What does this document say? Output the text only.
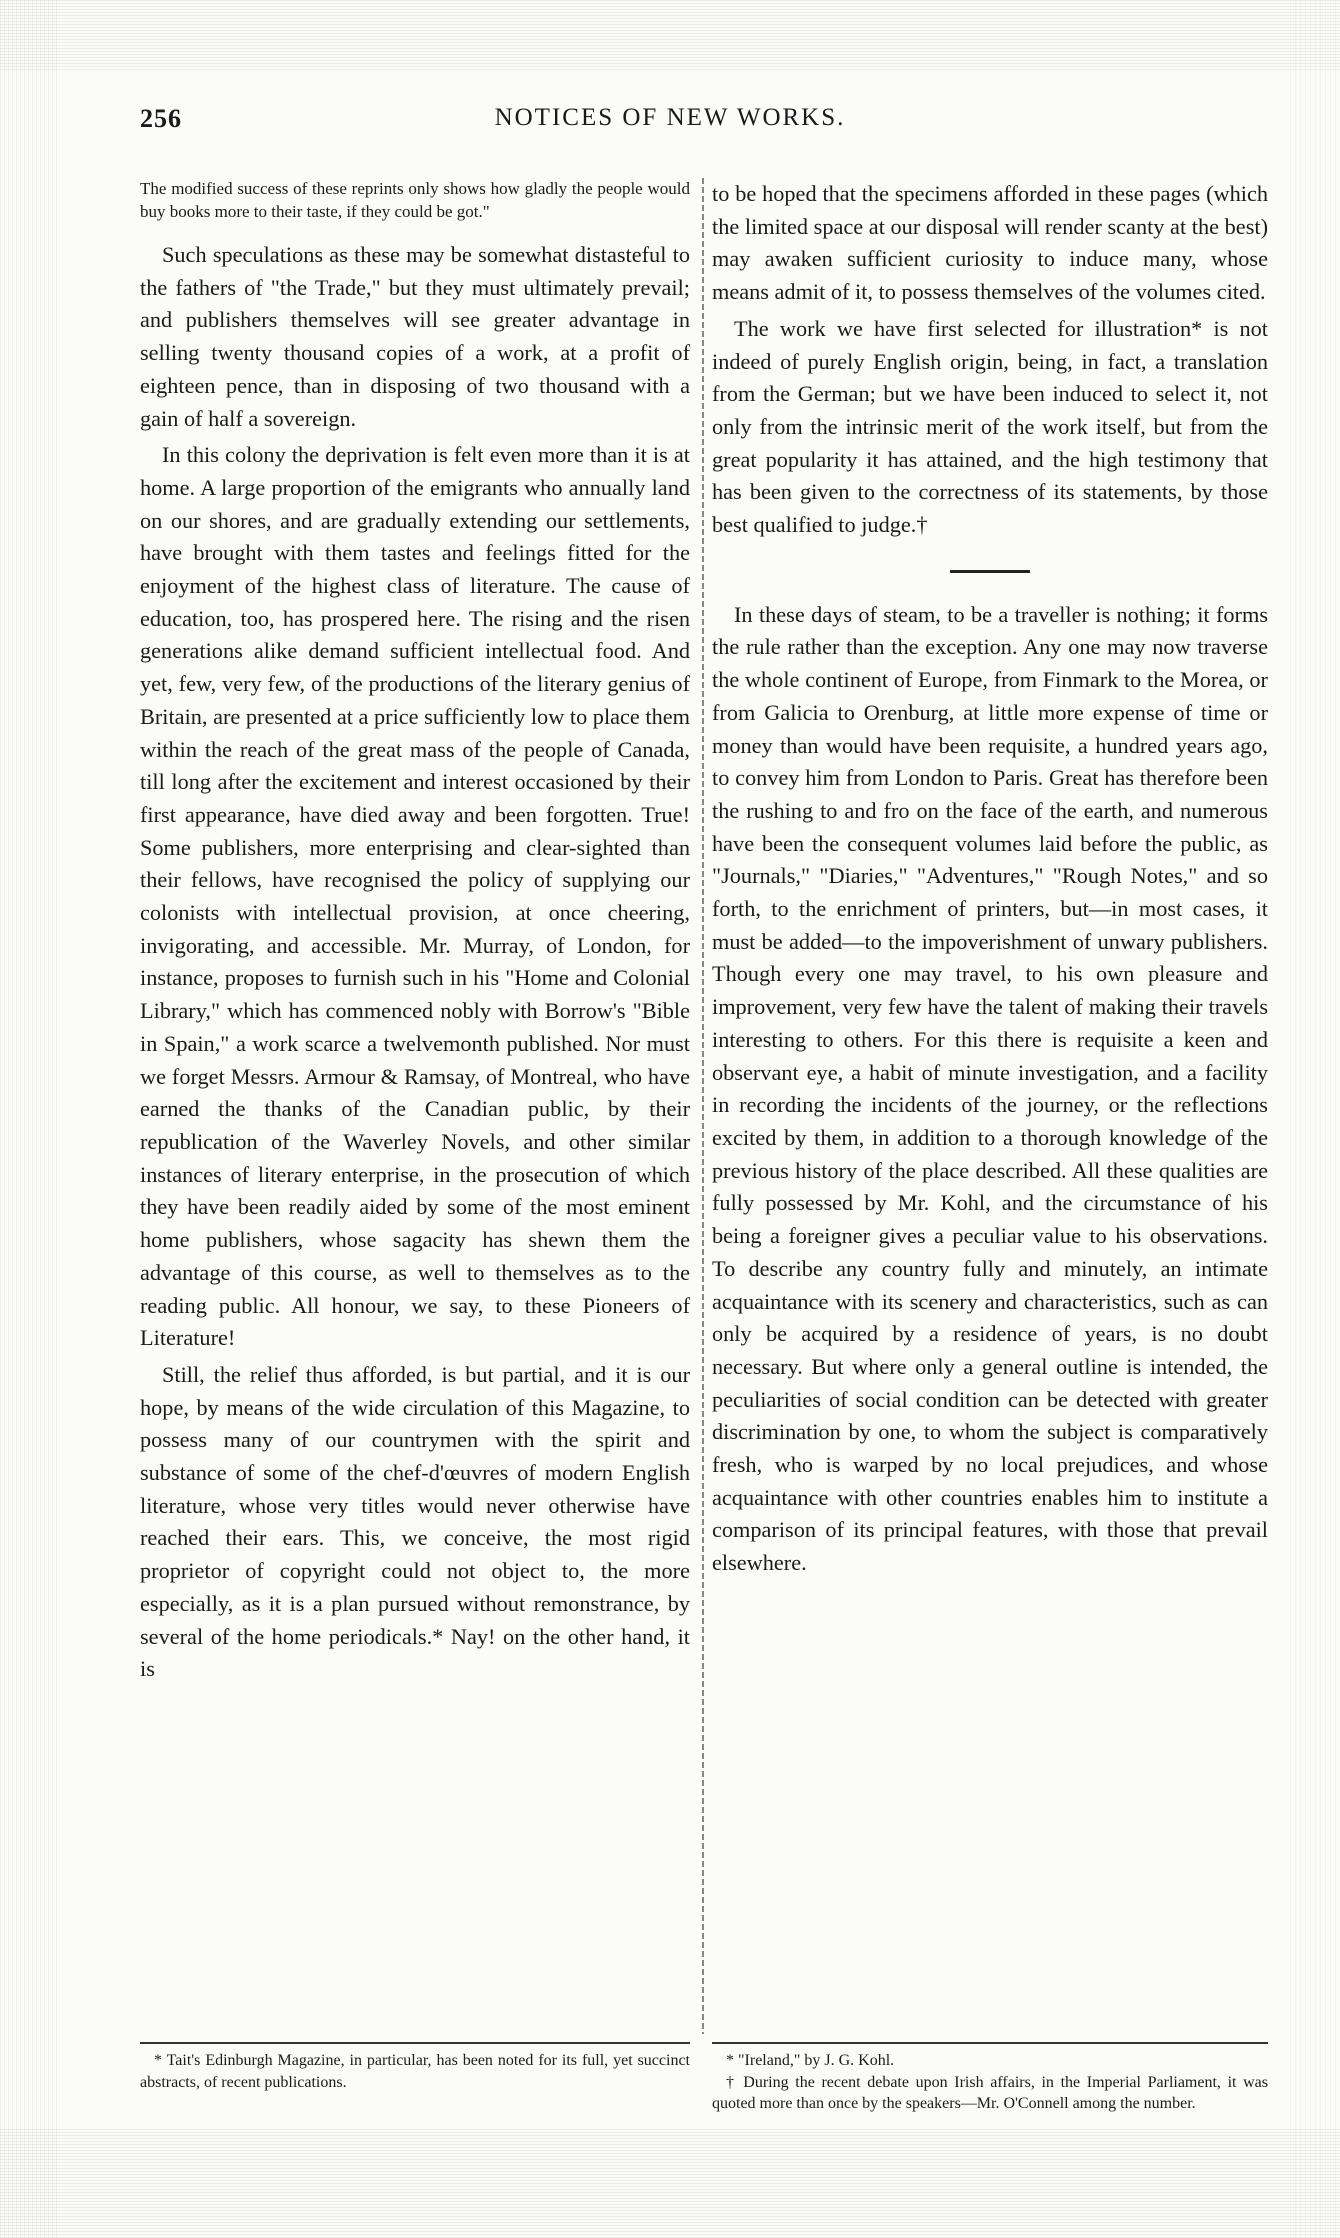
256	NOTICES OF NEW WORKS.

The modified success of these reprints only shows how gladly the people would buy books more to their taste, if they could be got."

Such speculations as these may be somewhat distasteful to the fathers of "the Trade," but they must ultimately prevail; and publishers themselves will see greater advantage in selling twenty thousand copies of a work, at a profit of eighteen pence, than in disposing of two thousand with a gain of half a sovereign.

In this colony the deprivation is felt even more than it is at home. A large proportion of the emigrants who annually land on our shores, and are gradually extending our settlements, have brought with them tastes and feelings fitted for the enjoyment of the highest class of literature. The cause of education, too, has prospered here. The rising and the risen generations alike demand sufficient intellectual food. And yet, few, very few, of the productions of the literary genius of Britain, are presented at a price sufficiently low to place them within the reach of the great mass of the people of Canada, till long after the excitement and interest occasioned by their first appearance, have died away and been forgotten. True! Some publishers, more enterprising and clear-sighted than their fellows, have recognised the policy of supplying our colonists with intellectual provision, at once cheering, invigorating, and accessible. Mr. Murray, of London, for instance, proposes to furnish such in his "Home and Colonial Library," which has commenced nobly with Borrow's "Bible in Spain," a work scarce a twelvemonth published. Nor must we forget Messrs. Armour & Ramsay, of Montreal, who have earned the thanks of the Canadian public, by their republication of the Waverley Novels, and other similar instances of literary enterprise, in the prosecution of which they have been readily aided by some of the most eminent home publishers, whose sagacity has shewn them the advantage of this course, as well to themselves as to the reading public. All honour, we say, to these Pioneers of Literature!

Still, the relief thus afforded, is but partial, and it is our hope, by means of the wide circulation of this Magazine, to possess many of our countrymen with the spirit and substance of some of the chef-d'œuvres of modern English literature, whose very titles would never otherwise have reached their ears. This, we conceive, the most rigid proprietor of copyright could not object to, the more especially, as it is a plan pursued without remonstrance, by several of the home periodicals.* Nay! on the other hand, it is

to be hoped that the specimens afforded in these pages (which the limited space at our disposal will render scanty at the best) may awaken sufficient curiosity to induce many, whose means admit of it, to possess themselves of the volumes cited.

The work we have first selected for illustration* is not indeed of purely English origin, being, in fact, a translation from the German; but we have been induced to select it, not only from the intrinsic merit of the work itself, but from the great popularity it has attained, and the high testimony that has been given to the correctness of its statements, by those best qualified to judge.†

In these days of steam, to be a traveller is nothing; it forms the rule rather than the exception. Any one may now traverse the whole continent of Europe, from Finmark to the Morea, or from Galicia to Orenburg, at little more expense of time or money than would have been requisite, a hundred years ago, to convey him from London to Paris. Great has therefore been the rushing to and fro on the face of the earth, and numerous have been the consequent volumes laid before the public, as "Journals," "Diaries," "Adventures," "Rough Notes," and so forth, to the enrichment of printers, but—in most cases, it must be added—to the impoverishment of unwary publishers. Though every one may travel, to his own pleasure and improvement, very few have the talent of making their travels interesting to others. For this there is requisite a keen and observant eye, a habit of minute investigation, and a facility in recording the incidents of the journey, or the reflections excited by them, in addition to a thorough knowledge of the previous history of the place described. All these qualities are fully possessed by Mr. Kohl, and the circumstance of his being a foreigner gives a peculiar value to his observations. To describe any country fully and minutely, an intimate acquaintance with its scenery and characteristics, such as can only be acquired by a residence of years, is no doubt necessary. But where only a general outline is intended, the peculiarities of social condition can be detected with greater discrimination by one, to whom the subject is comparatively fresh, who is warped by no local prejudices, and whose acquaintance with other countries enables him to institute a comparison of its principal features, with those that prevail elsewhere.

* Tait's Edinburgh Magazine, in particular, has been noted for its full, yet succinct abstracts, of recent publications.

* "Ireland," by J. G. Kohl.

† During the recent debate upon Irish affairs, in the Imperial Parliament, it was quoted more than once by the speakers—Mr. O'Connell among the number.
